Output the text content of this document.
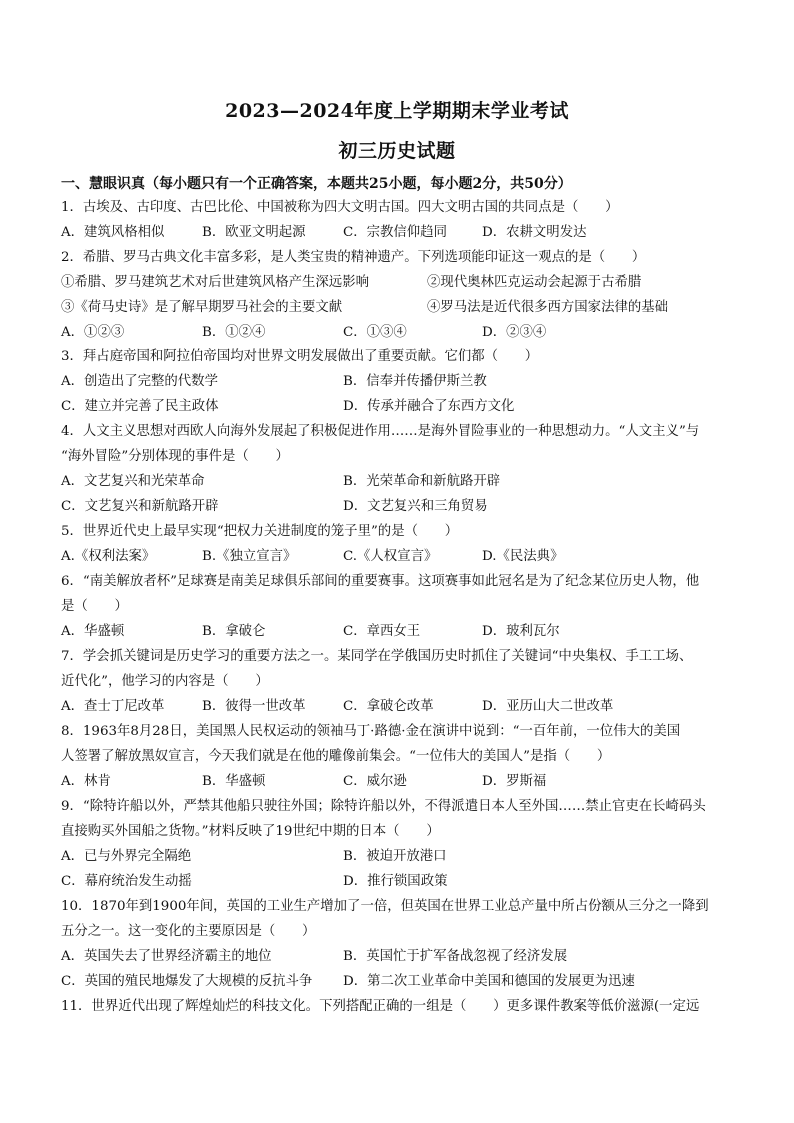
2023—2024年度上学期期末学业考试
初三历史试题
一、慧眼识真（每小题只有一个正确答案，本题共25小题，每小题2分，共50分）
1．古埃及、古印度、古巴比伦、中国被称为四大文明古国。四大文明古国的共同点是（　　）
A．建筑风格相似	B．欧亚文明起源	C．宗教信仰趋同	D．农耕文明发达
2．希腊、罗马古典文化丰富多彩，是人类宝贵的精神遗产。下列选项能印证这一观点的是（　　）
①希腊、罗马建筑艺术对后世建筑风格产生深远影响	②现代奥林匹克运动会起源于古希腊
③《荷马史诗》是了解早期罗马社会的主要文献	④罗马法是近代很多西方国家法律的基础
A．①②③	B．①②④	C．①③④	D．②③④
3．拜占庭帝国和阿拉伯帝国均对世界文明发展做出了重要贡献。它们都（　　）
A．创造出了完整的代数学	B．信奉并传播伊斯兰教
C．建立并完善了民主政体	D．传承并融合了东西方文化
4．人文主义思想对西欧人向海外发展起了积极促进作用……是海外冒险事业的一种思想动力。“人文主义”与
“海外冒险”分别体现的事件是（　　）
A．文艺复兴和光荣革命	B．光荣革命和新航路开辟
C．文艺复兴和新航路开辟	D．文艺复兴和三角贸易
5．世界近代史上最早实现“把权力关进制度的笼子里”的是（　　）
A.《权利法案》	B.《独立宣言》	C.《人权宣言》	D.《民法典》
6．“南美解放者杯”足球赛是南美足球俱乐部间的重要赛事。这项赛事如此冠名是为了纪念某位历史人物，他
是（　　）
A．华盛顿	B．拿破仑	C．章西女王	D．玻利瓦尔
7．学会抓关键词是历史学习的重要方法之一。某同学在学俄国历史时抓住了关键词“中央集权、手工工场、
近代化”，他学习的内容是（　　）
A．查士丁尼改革	B．彼得一世改革	C．拿破仑改革	D．亚历山大二世改革
8．1963年8月28日，美国黑人民权运动的领袖马丁·路德·金在演讲中说到：“一百年前，一位伟大的美国
人签署了解放黑奴宣言，今天我们就是在他的雕像前集会。“一位伟大的美国人”是指（　　）
A．林肯	B．华盛顿	C．威尔逊	D．罗斯福
9．“除特许船以外，严禁其他船只驶往外国；除特许船以外，不得派遣日本人至外国……禁止官吏在长崎码头
直接购买外国船之货物。”材料反映了19世纪中期的日本（　　）
A．已与外界完全隔绝	B．被迫开放港口
C．幕府统治发生动摇	D．推行锁国政策
10．1870年到1900年间，英国的工业生产增加了一倍，但英国在世界工业总产量中所占份额从三分之一降到
五分之一。这一变化的主要原因是（　　）
A．英国失去了世界经济霸主的地位	B．英国忙于扩军备战忽视了经济发展
C．英国的殖民地爆发了大规模的反抗斗争 D．第二次工业革命中美国和德国的发展更为迅速
11．世界近代出现了辉煌灿烂的科技文化。下列搭配正确的一组是（　　）更多课件教案等低价滋源(一定远
